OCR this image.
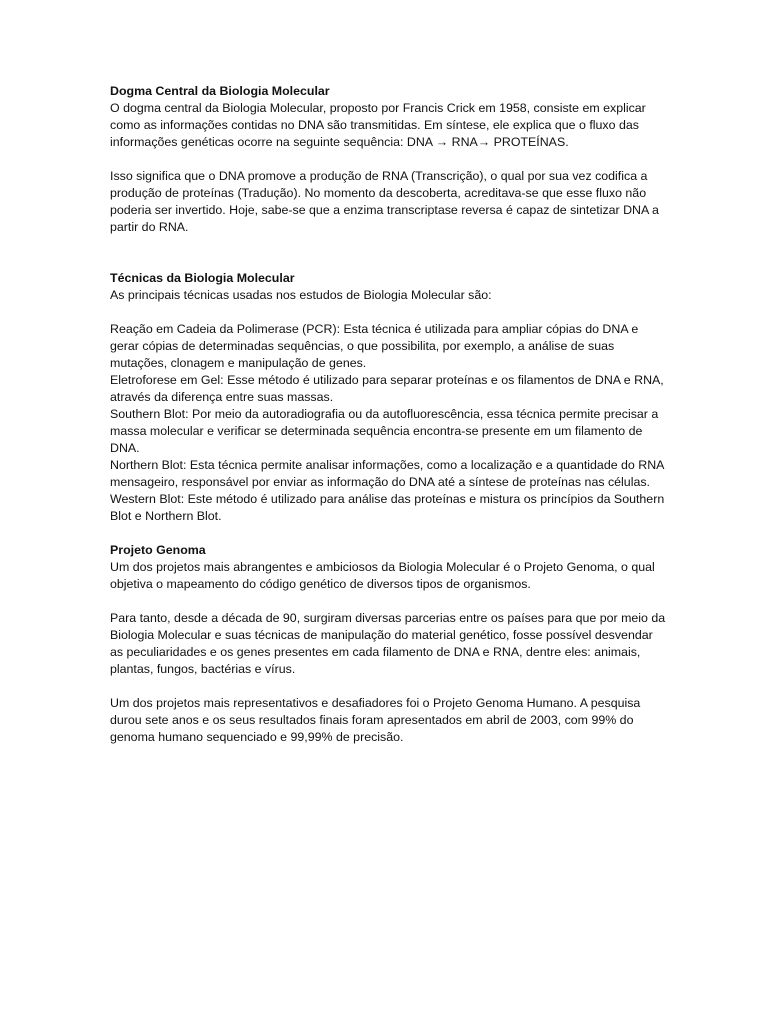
Dogma Central da Biologia Molecular

O dogma central da Biologia Molecular, proposto por Francis Crick em 1958, consiste em explicar como as informações contidas no DNA são transmitidas. Em síntese, ele explica que o fluxo das informações genéticas ocorre na seguinte sequência: DNA → RNA→ PROTEÍNAS.

Isso significa que o DNA promove a produção de RNA (Transcrição), o qual por sua vez codifica a produção de proteínas (Tradução). No momento da descoberta, acreditava-se que esse fluxo não poderia ser invertido. Hoje, sabe-se que a enzima transcriptase reversa é capaz de sintetizar DNA a partir do RNA.

Técnicas da Biologia Molecular

As principais técnicas usadas nos estudos de Biologia Molecular são:

Reação em Cadeia da Polimerase (PCR): Esta técnica é utilizada para ampliar cópias do DNA e gerar cópias de determinadas sequências, o que possibilita, por exemplo, a análise de suas mutações, clonagem e manipulação de genes.

Eletroforese em Gel: Esse método é utilizado para separar proteínas e os filamentos de DNA e RNA, através da diferença entre suas massas.

Southern Blot: Por meio da autoradiografia ou da autofluorescência, essa técnica permite precisar a massa molecular e verificar se determinada sequência encontra-se presente em um filamento de DNA.

Northern Blot: Esta técnica permite analisar informações, como a localização e a quantidade do RNA mensageiro, responsável por enviar as informação do DNA até a síntese de proteínas nas células.

Western Blot: Este método é utilizado para análise das proteínas e mistura os princípios da Southern Blot e Northern Blot.

Projeto Genoma

Um dos projetos mais abrangentes e ambiciosos da Biologia Molecular é o Projeto Genoma, o qual objetiva o mapeamento do código genético de diversos tipos de organismos.

Para tanto, desde a década de 90, surgiram diversas parcerias entre os países para que por meio da Biologia Molecular e suas técnicas de manipulação do material genético, fosse possível desvendar as peculiaridades e os genes presentes em cada filamento de DNA e RNA, dentre eles: animais, plantas, fungos, bactérias e vírus.

Um dos projetos mais representativos e desafiadores foi o Projeto Genoma Humano. A pesquisa durou sete anos e os seus resultados finais foram apresentados em abril de 2003, com 99% do genoma humano sequenciado e 99,99% de precisão.
